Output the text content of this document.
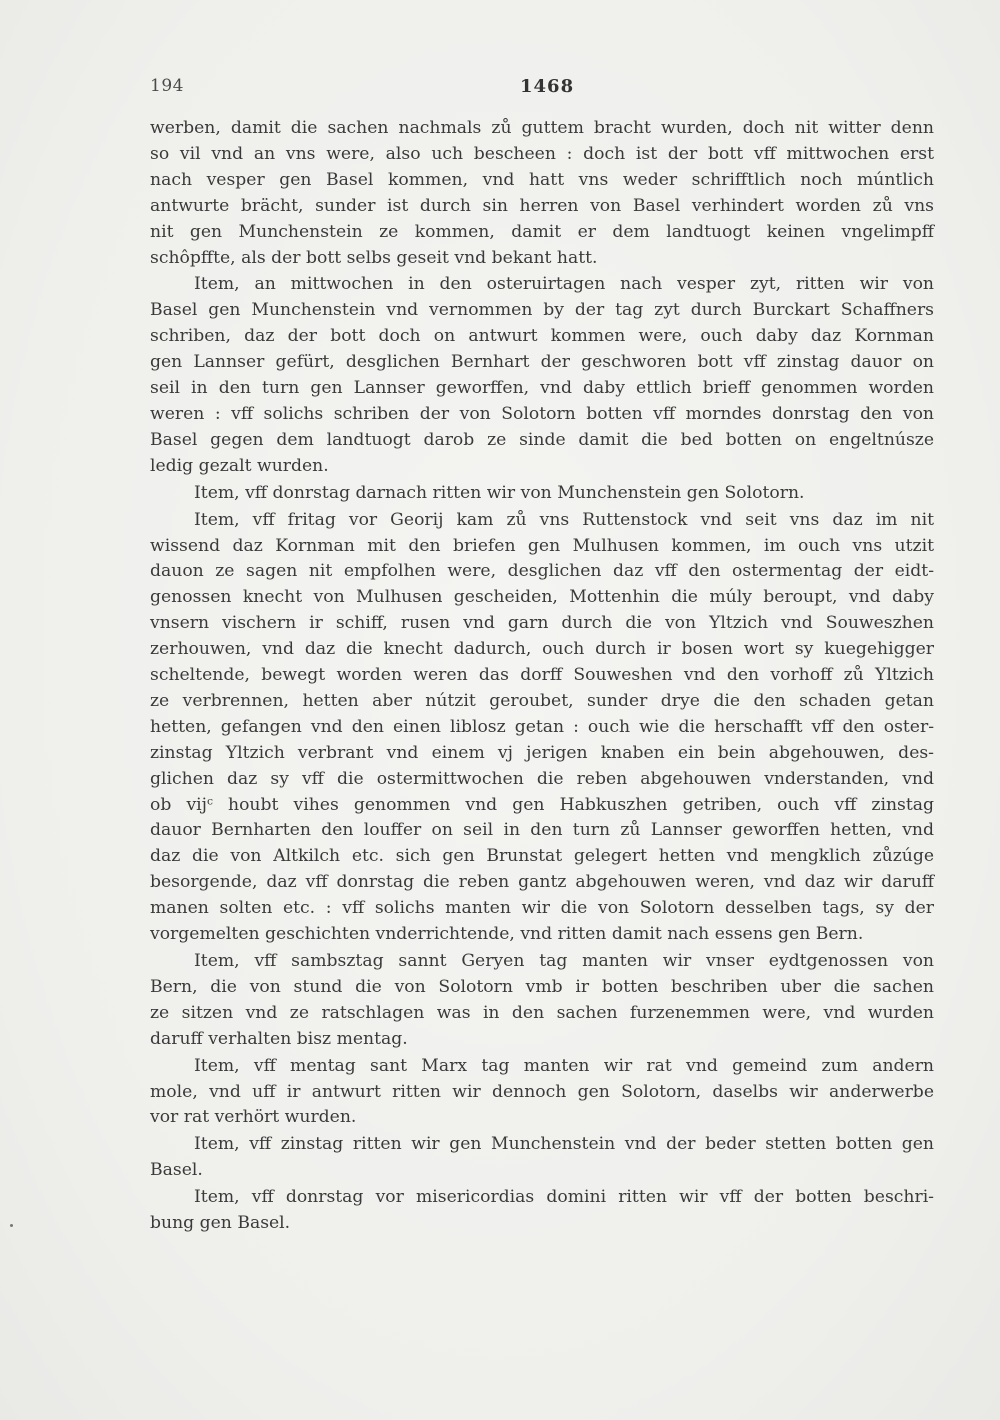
194	1468
werben, damit die sachen nachmals zů guttem bracht wurden, doch nit witter denn
so vil vnd an vns were, also uch bescheen : doch ist der bott vff mittwochen erst
nach vesper gen Basel kommen, vnd hatt vns weder schrifftlich noch múntlich
antwurte brächt, sunder ist durch sin herren von Basel verhindert worden zů vns
nit gen Munchenstein ze kommen, damit er dem landtuogt keinen vngelimpff
schôpffte, als der bott selbs geseit vnd bekant hatt.
Item, an mittwochen in den osteruirtagen nach vesper zyt, ritten wir von
Basel gen Munchenstein vnd vernommen by der tag zyt durch Burckart Schaffners
schriben, daz der bott doch on antwurt kommen were, ouch daby daz Kornman
gen Lannser gefürt, desglichen Bernhart der geschworen bott vff zinstag dauor on
seil in den turn gen Lannser geworffen, vnd daby ettlich brieff genommen worden
weren : vff solichs schriben der von Solotorn botten vff morndes donrstag den von
Basel gegen dem landtuogt darob ze sinde damit die bed botten on engeltnúsze
ledig gezalt wurden.
Item, vff donrstag darnach ritten wir von Munchenstein gen Solotorn.
Item, vff fritag vor Georij kam zů vns Ruttenstock vnd seit vns daz im nit
wissend daz Kornman mit den briefen gen Mulhusen kommen, im ouch vns utzit
dauon ze sagen nit empfolhen were, desglichen daz vff den ostermentag der eidt-
genossen knecht von Mulhusen gescheiden, Mottenhin die múly beroupt, vnd daby
vnsern vischern ir schiff, rusen vnd garn durch die von Yltzich vnd Souweszhen
zerhouwen, vnd daz die knecht dadurch, ouch durch ir bosen wort sy kuegehigger
scheltende, bewegt worden weren das dorff Souweshen vnd den vorhoff zů Yltzich
ze verbrennen, hetten aber nútzit geroubet, sunder drye die den schaden getan
hetten, gefangen vnd den einen liblosz getan : ouch wie die herschafft vff den oster-
zinstag Yltzich verbrant vnd einem vj jerigen knaben ein bein abgehouwen, des-
glichen daz sy vff die ostermittwochen die reben abgehouwen vnderstanden, vnd
ob vijᶜ houbt vihes genommen vnd gen Habkuszhen getriben, ouch vff zinstag
dauor Bernharten den louffer on seil in den turn zů Lannser geworffen hetten, vnd
daz die von Altkilch etc. sich gen Brunstat gelegert hetten vnd mengklich zůzúge
besorgende, daz vff donrstag die reben gantz abgehouwen weren, vnd daz wir daruff
manen solten etc. : vff solichs manten wir die von Solotorn desselben tags, sy der
vorgemelten geschichten vnderrichtende, vnd ritten damit nach essens gen Bern.
Item, vff sambsztag sannt Geryen tag manten wir vnser eydtgenossen von
Bern, die von stund die von Solotorn vmb ir botten beschriben uber die sachen
ze sitzen vnd ze ratschlagen was in den sachen furzenemmen were, vnd wurden
daruff verhalten bisz mentag.
Item, vff mentag sant Marx tag manten wir rat vnd gemeind zum andern
mole, vnd uff ir antwurt ritten wir dennoch gen Solotorn, daselbs wir anderwerbe
vor rat verhört wurden.
Item, vff zinstag ritten wir gen Munchenstein vnd der beder stetten botten gen
Basel.
Item, vff donrstag vor misericordias domini ritten wir vff der botten beschri-
bung gen Basel.
